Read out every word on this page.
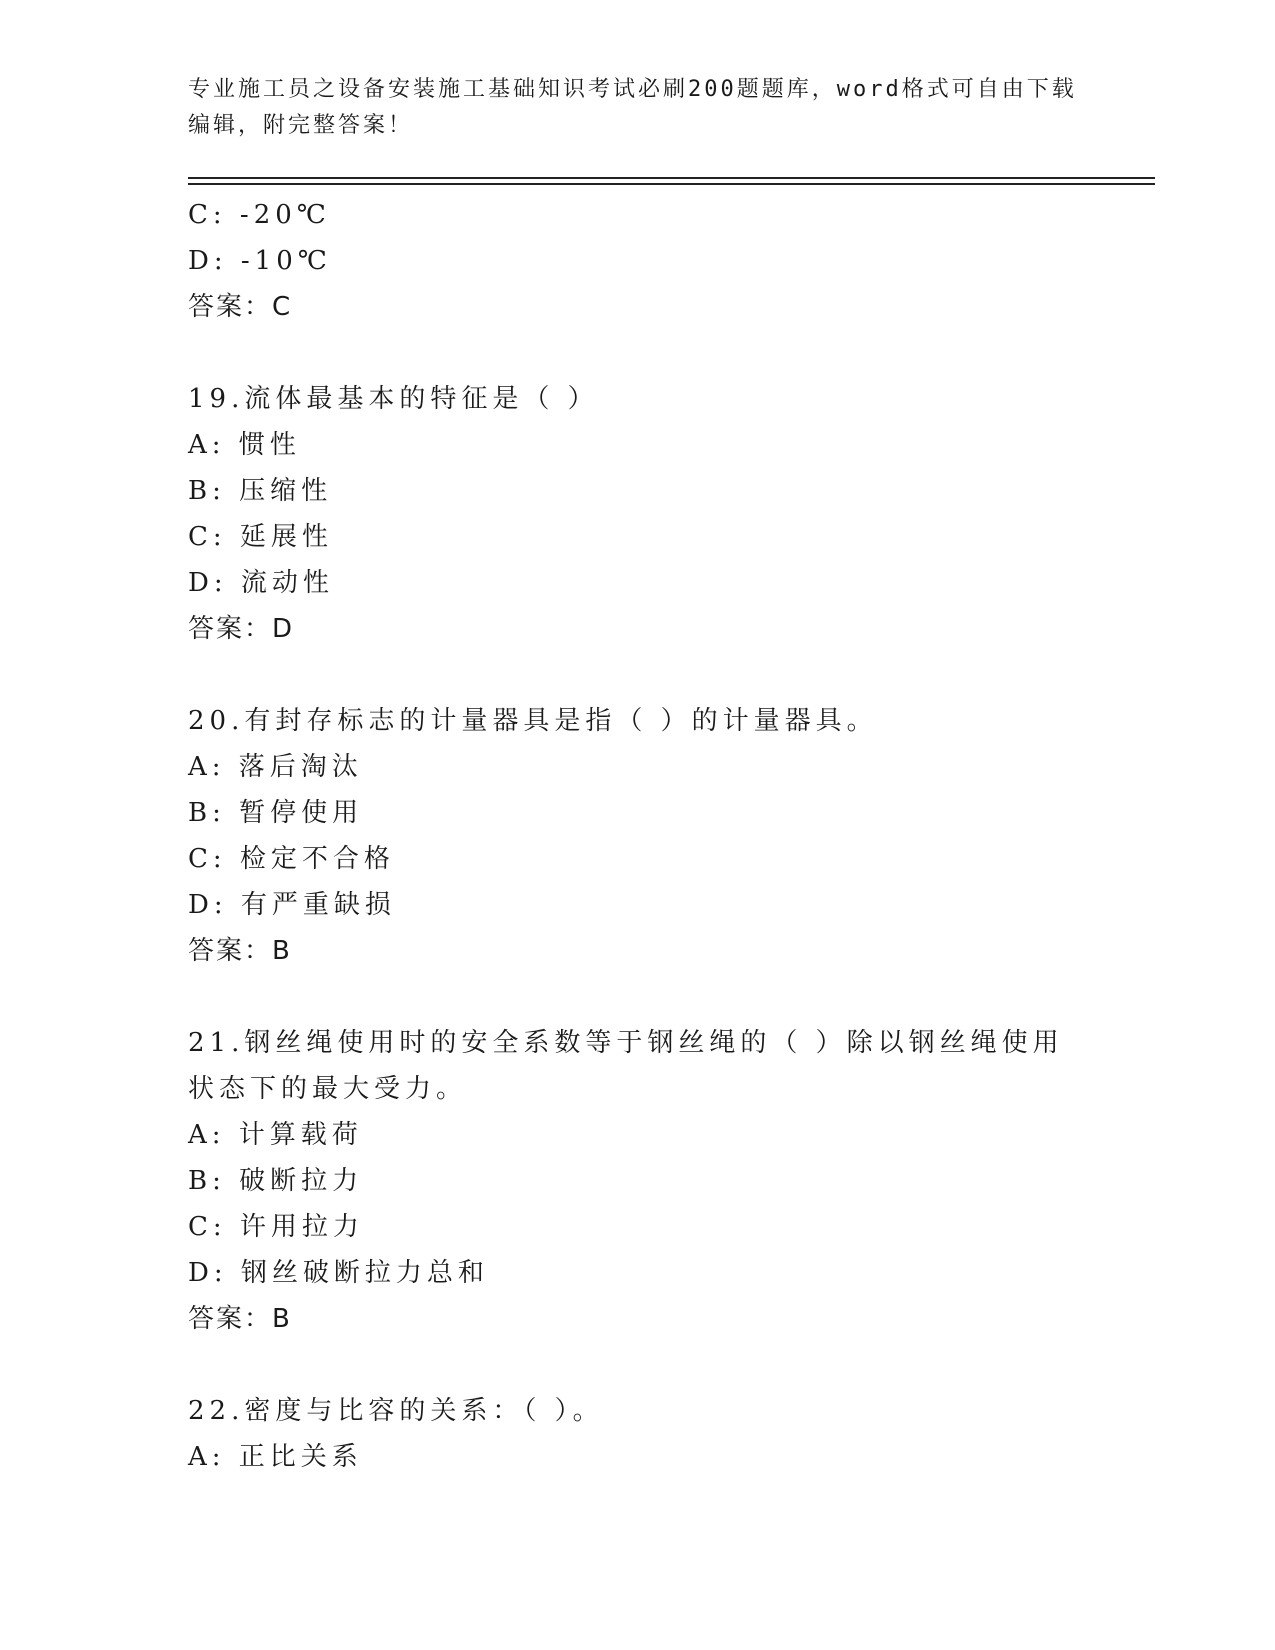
专业施工员之设备安装施工基础知识考试必刷200题题库，word格式可自由下载编辑，附完整答案！
C: -20℃
D: -10℃
答案：C
19.流体最基本的特征是（ ）
A: 惯性
B: 压缩性
C: 延展性
D: 流动性
答案：D
20.有封存标志的计量器具是指（ ）的计量器具。
A: 落后淘汰
B: 暂停使用
C: 检定不合格
D: 有严重缺损
答案：B
21.钢丝绳使用时的安全系数等于钢丝绳的（ ）除以钢丝绳使用状态下的最大受力。
A: 计算载荷
B: 破断拉力
C: 许用拉力
D: 钢丝破断拉力总和
答案：B
22.密度与比容的关系：（ ）。
A: 正比关系
